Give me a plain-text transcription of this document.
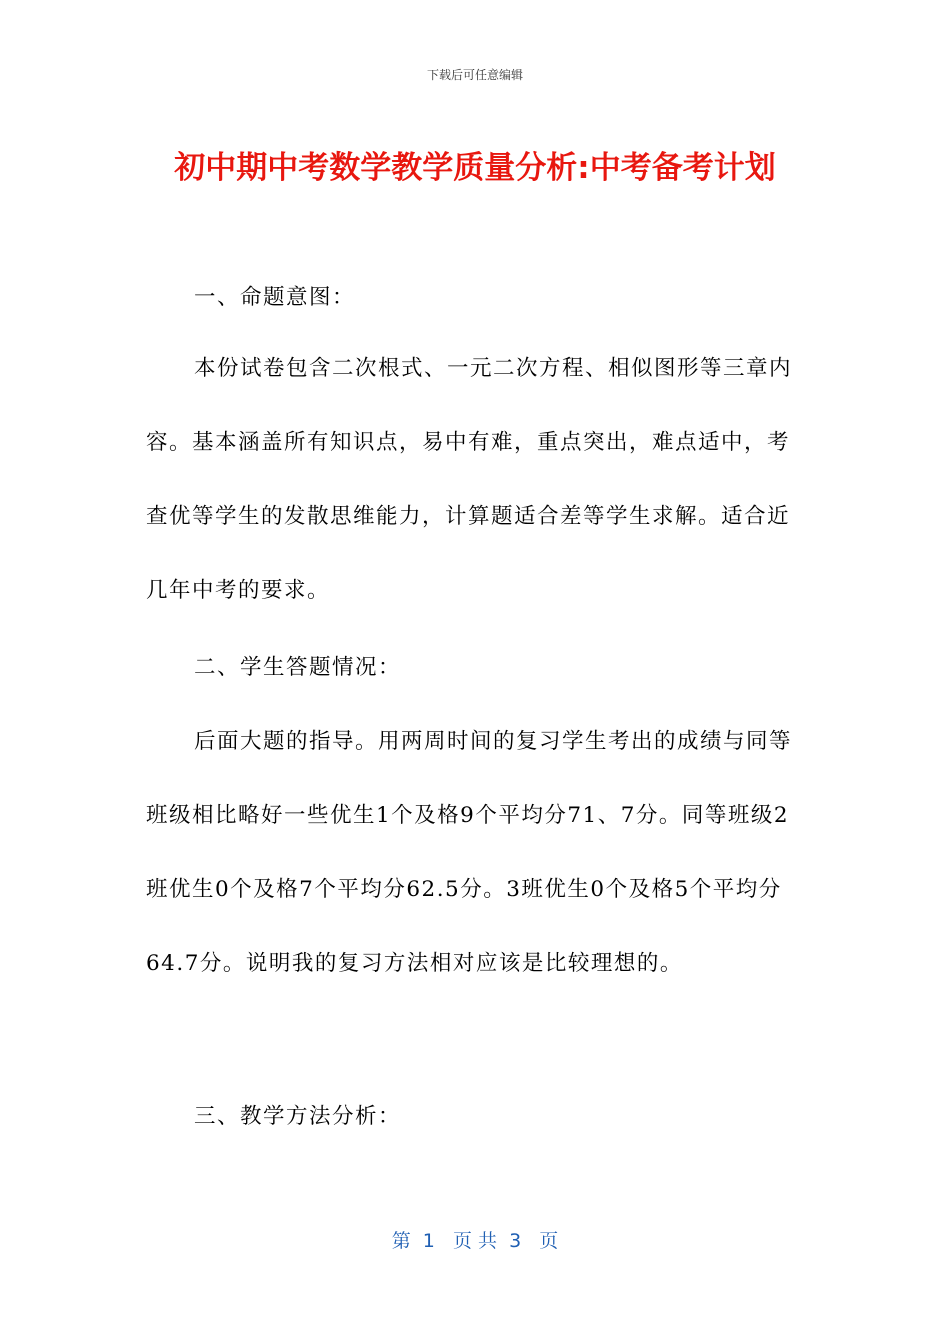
下载后可任意编辑
初中期中考数学教学质量分析:中考备考计划
一、命题意图：

本份试卷包含二次根式、一元二次方程、相似图形等三章内容。基本涵盖所有知识点，易中有难，重点突出，难点适中，考查优等学生的发散思维能力，计算题适合差等学生求解。适合近几年中考的要求。

二、学生答题情况：

后面大题的指导。用两周时间的复习学生考出的成绩与同等班级相比略好一些优生1个及格9个平均分71、7分。同等班级2班优生0个及格7个平均分62.5分。3班优生0个及格5个平均分64.7分。说明我的复习方法相对应该是比较理想的。

三、教学方法分析：
第  1   页 共  3   页
